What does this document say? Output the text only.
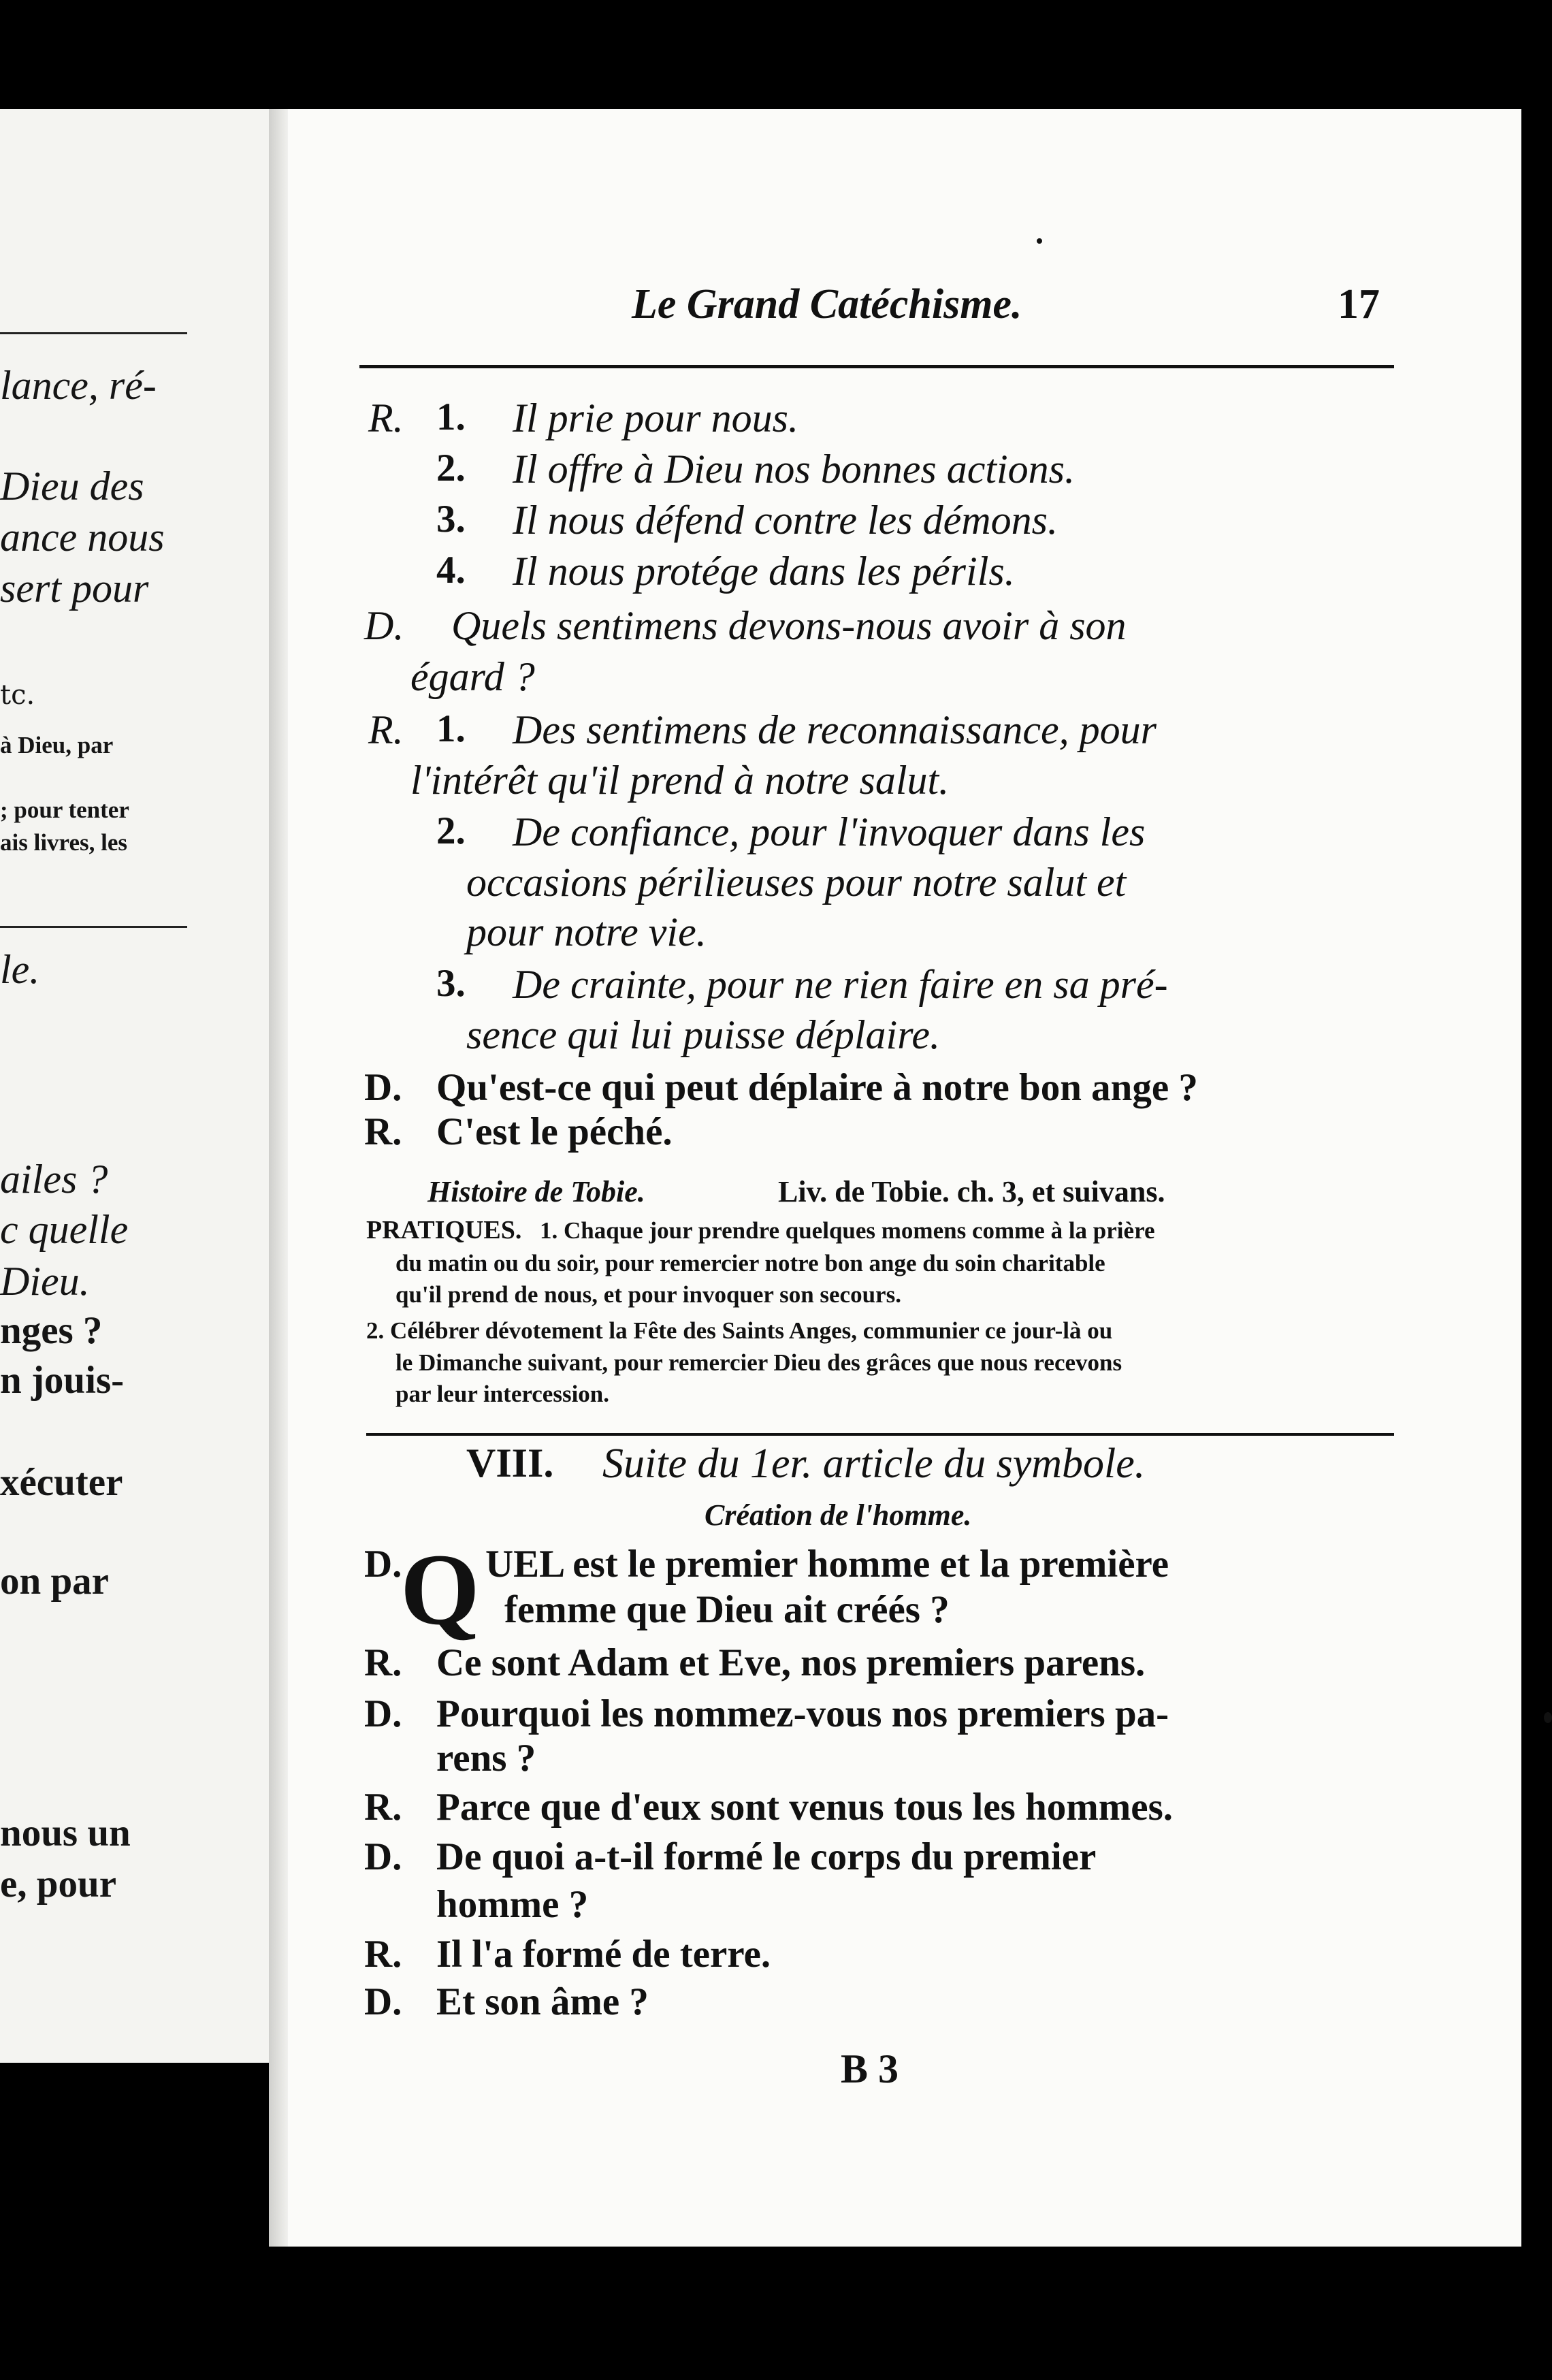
lance, ré-
Dieu des
ance nous
sert pour
tc.
à Dieu, par
; pour tenter
ais livres, les
le.
ailes ?
c quelle
Dieu.
nges ?
n jouis-
xécuter
on par
nous un
e, pour
Le Grand Catéchisme.	17
R. 1. Il prie pour nous.
2. Il offre à Dieu nos bonnes actions.
3. Il nous défend contre les démons.
4. Il nous protége dans les périls.
D. Quels sentimens devons-nous avoir à son
égard ?
R. 1. Des sentimens de reconnaissance, pour
l'intérêt qu'il prend à notre salut.
2. De confiance, pour l'invoquer dans les
occasions périlieuses pour notre salut et
pour notre vie.
3. De crainte, pour ne rien faire en sa pré-
sence qui lui puisse déplaire.
D. Qu'est-ce qui peut déplaire à notre bon ange ?
R. C'est le péché.
Histoire de Tobie.	Liv. de Tobie. ch. 3, et suivans.
PRATIQUES. 1. Chaque jour prendre quelques momens comme à la prière
du matin ou du soir, pour remercier notre bon ange du soin charitable
qu'il prend de nous, et pour invoquer son secours.
2. Célébrer dévotement la Fête des Saints Anges, communier ce jour-là ou
le Dimanche suivant, pour remercier Dieu des grâces que nous recevons
par leur intercession.
VIII. Suite du 1er. article du symbole.
Création de l'homme.
D.
Q UEL est le premier homme et la première
femme que Dieu ait créés ?
R. Ce sont Adam et Eve, nos premiers parens.
D. Pourquoi les nommez-vous nos premiers pa-
rens ?
R. Parce que d'eux sont venus tous les hommes.
D. De quoi a-t-il formé le corps du premier
homme ?
R. Il l'a formé de terre.
D. Et son âme ?
B 3
